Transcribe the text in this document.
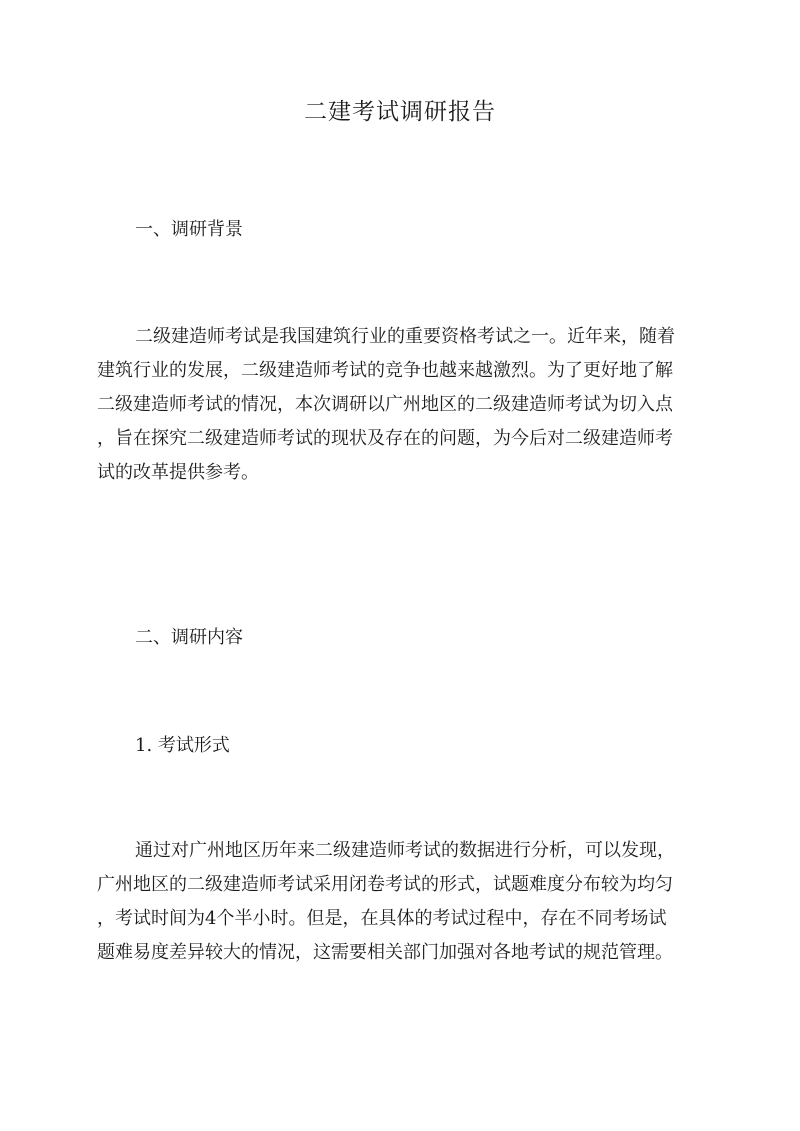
二建考试调研报告
一、调研背景
二级建造师考试是我国建筑行业的重要资格考试之一。近年来，随着
建筑行业的发展，二级建造师考试的竞争也越来越激烈。为了更好地了解
二级建造师考试的情况，本次调研以广州地区的二级建造师考试为切入点
，旨在探究二级建造师考试的现状及存在的问题，为今后对二级建造师考
试的改革提供参考。
二、调研内容
1. 考试形式
通过对广州地区历年来二级建造师考试的数据进行分析，可以发现，
广州地区的二级建造师考试采用闭卷考试的形式，试题难度分布较为均匀
，考试时间为4个半小时。但是，在具体的考试过程中，存在不同考场试
题难易度差异较大的情况，这需要相关部门加强对各地考试的规范管理。
